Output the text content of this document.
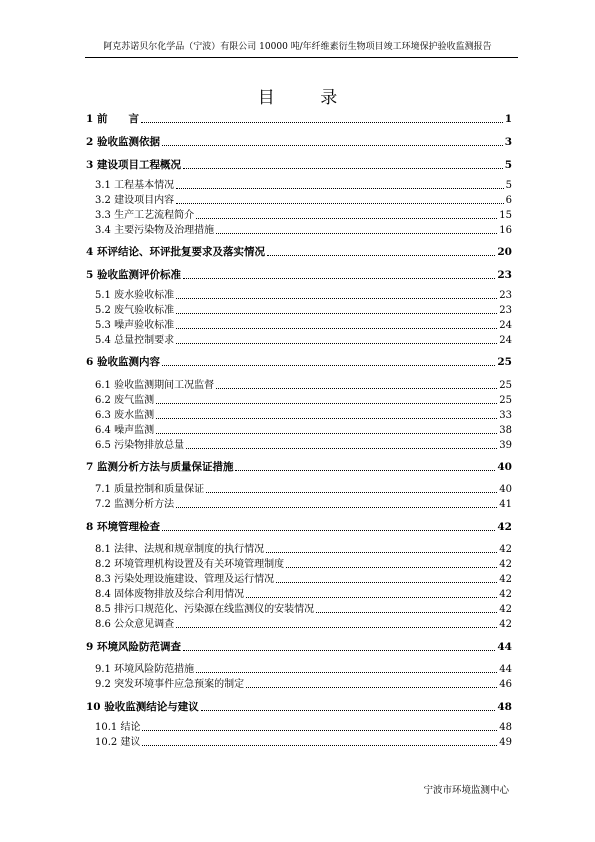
阿克苏诺贝尔化学品（宁波）有限公司 10000 吨/年纤维素衍生物项目竣工环境保护验收监测报告
目 录
1 前　　言	1
2 验收监测依据	3
3 建设项目工程概况	5
3.1 工程基本情况	5
3.2 建设项目内容	6
3.3 生产工艺流程简介	15
3.4 主要污染物及治理措施	16
4 环评结论、环评批复要求及落实情况	20
5 验收监测评价标准	23
5.1 废水验收标准	23
5.2 废气验收标准	23
5.3 噪声验收标准	24
5.4 总量控制要求	24
6 验收监测内容	25
6.1 验收监测期间工况监督	25
6.2 废气监测	25
6.3 废水监测	33
6.4 噪声监测	38
6.5 污染物排放总量	39
7 监测分析方法与质量保证措施	40
7.1 质量控制和质量保证	40
7.2 监测分析方法	41
8 环境管理检查	42
8.1 法律、法规和规章制度的执行情况	42
8.2 环境管理机构设置及有关环境管理制度	42
8.3 污染处理设施建设、管理及运行情况	42
8.4 固体废物排放及综合利用情况	42
8.5 排污口规范化、污染源在线监测仪的安装情况	42
8.6 公众意见调查	42
9 环境风险防范调查	44
9.1 环境风险防范措施	44
9.2 突发环境事件应急预案的制定	46
10 验收监测结论与建议	48
10.1 结论	48
10.2 建议	49
宁波市环境监测中心
